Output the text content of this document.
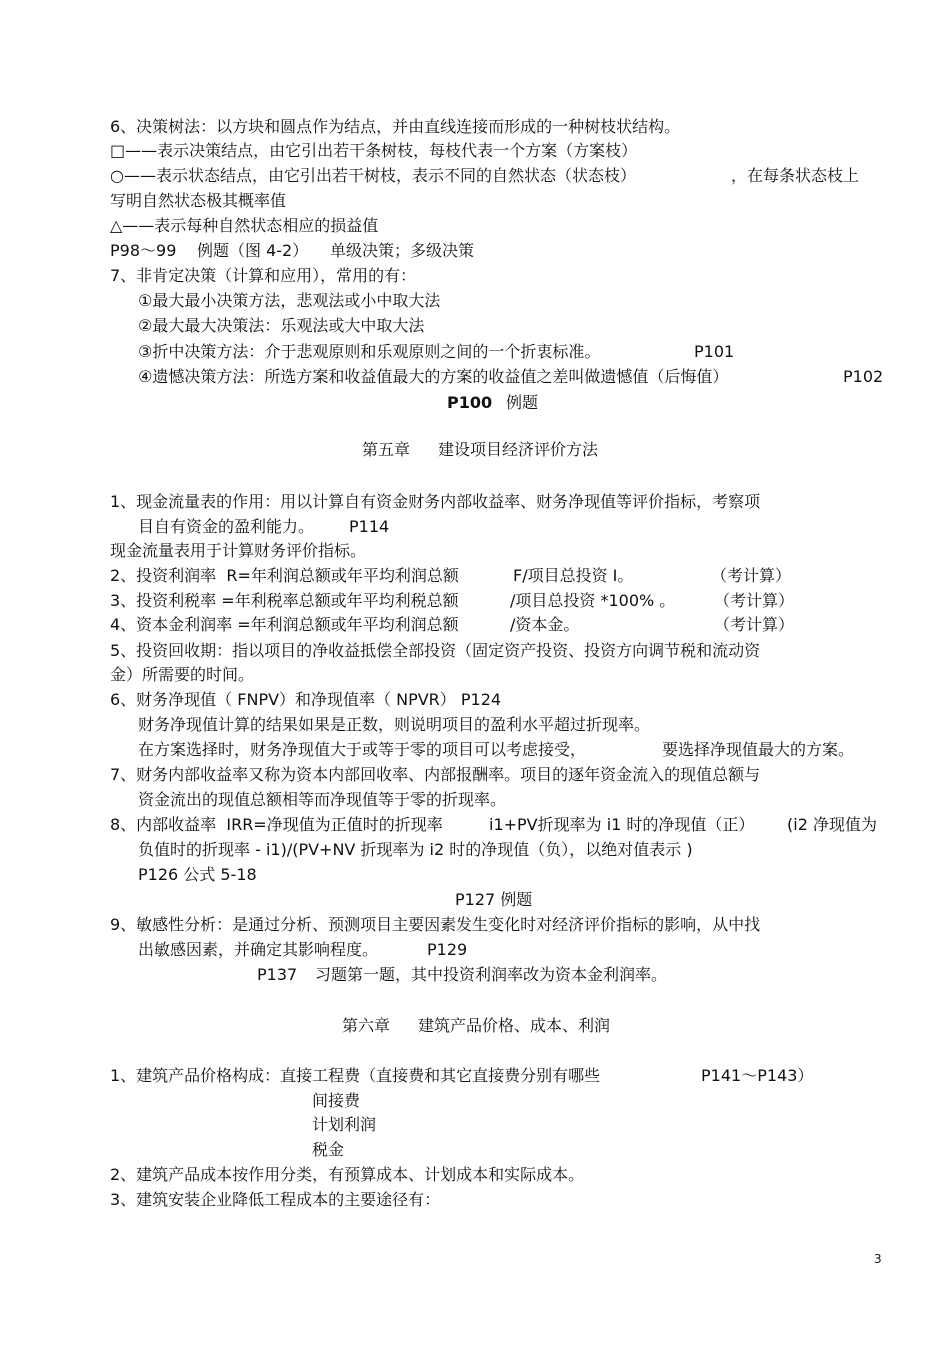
6、决策树法：以方块和圆点作为结点，并由直线连接而形成的一种树枝状结构。
□——表示决策结点，由它引出若干条树枝，每枝代表一个方案（方案枝）
○——表示状态结点，由它引出若干树枝，表示不同的自然状态（状态枝）	，在每条状态枝上
写明自然状态极其概率值
△——表示每种自然状态相应的损益值
P98～99 例题（图 4-2） 单级决策；多级决策
7、非肯定决策（计算和应用），常用的有：
①最大最小决策方法，悲观法或小中取大法
②最大最大决策法：乐观法或大中取大法
③折中决策方法：介于悲观原则和乐观原则之间的一个折衷标准。	P101
④遗憾决策方法：所选方案和收益值最大的方案的收益值之差叫做遗憾值（后悔值）	P102
P100 例题
第五章 建设项目经济评价方法
1、现金流量表的作用：用以计算自有资金财务内部收益率、财务净现值等评价指标，考察项
目自有资金的盈利能力。 P114
现金流量表用于计算财务评价指标。
2、投资利润率  R=年利润总额或年平均利润总额	F/项目总投资 I。	（考计算）
3、投资利税率 =年利税率总额或年平均利税总额	/项目总投资 *100% 。 （考计算）
4、资本金利润率 =年利润总额或年平均利润总额	/资本金。	（考计算）
5、投资回收期：指以项目的净收益抵偿全部投资（固定资产投资、投资方向调节税和流动资
金）所需要的时间。
6、财务净现值（ FNPV）和净现值率（ NPVR） P124
财务净现值计算的结果如果是正数，则说明项目的盈利水平超过折现率。
在方案选择时，财务净现值大于或等于零的项目可以考虑接受，	要选择净现值最大的方案。
7、财务内部收益率又称为资本内部回收率、内部报酬率。项目的逐年资金流入的现值总额与
资金流出的现值总额相等而净现值等于零的折现率。
8、内部收益率  IRR=净现值为正值时的折现率	i1+PV折现率为 i1 时的净现值（正） (i2 净现值为
负值时的折现率 - i1)/(PV+NV 折现率为 i2 时的净现值（负），以绝对值表示 )
P126 公式 5-18
P127 例题
9、敏感性分析：是通过分析、预测项目主要因素发生变化时对经济评价指标的影响，从中找
出敏感因素，并确定其影响程度。	P129
P137 习题第一题，其中投资利润率改为资本金利润率。
第六章 建筑产品价格、成本、利润
1、建筑产品价格构成：直接工程费（直接费和其它直接费分别有哪些	P141～P143）
间接费
计划利润
税金
2、建筑产品成本按作用分类，有预算成本、计划成本和实际成本。
3、建筑安装企业降低工程成本的主要途径有：
3
